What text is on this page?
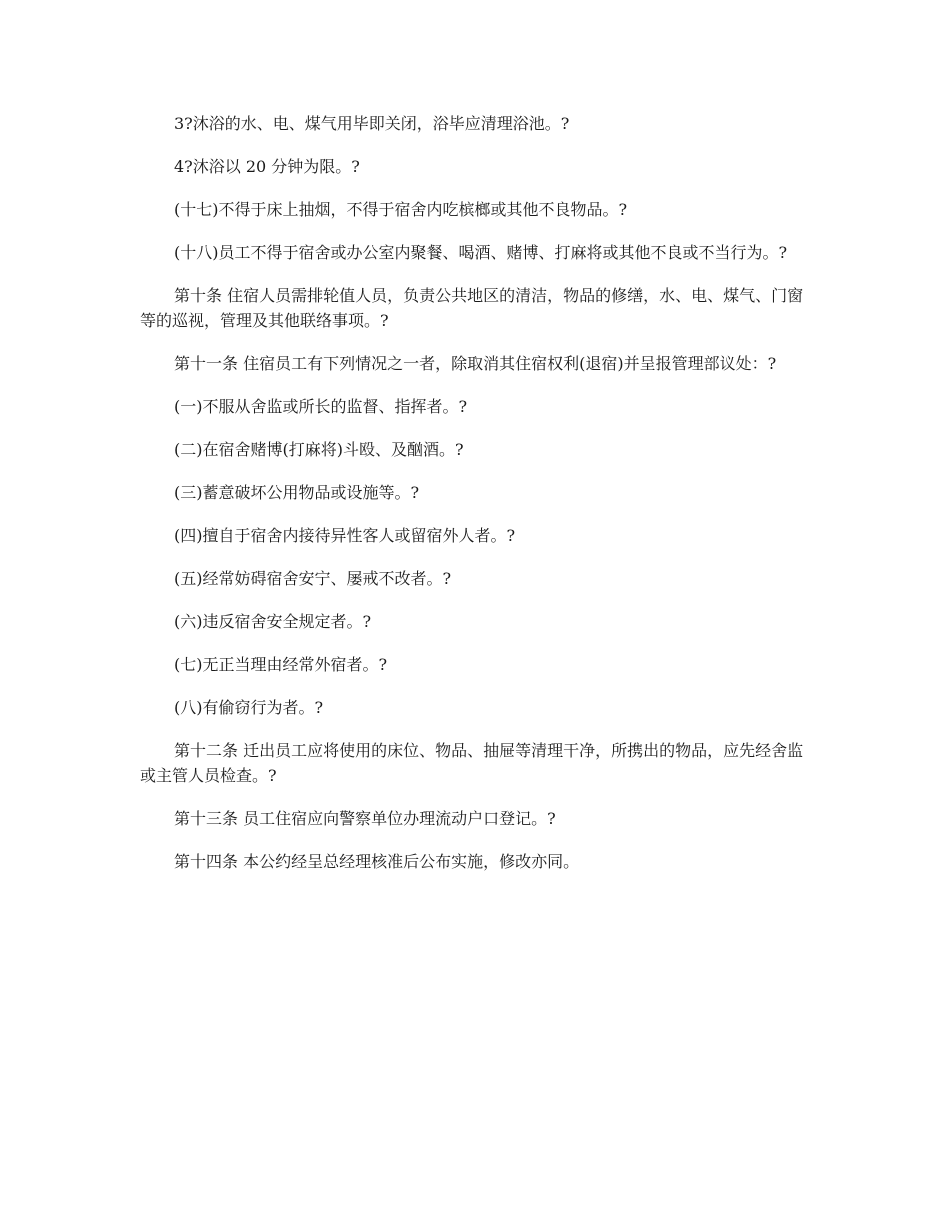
3?沐浴的水、电、煤气用毕即关闭，浴毕应清理浴池。?

4?沐浴以 20 分钟为限。?

(十七)不得于床上抽烟，不得于宿舍内吃槟榔或其他不良物品。?

(十八)员工不得于宿舍或办公室内聚餐、喝酒、赌博、打麻将或其他不良或不当行为。?

第十条 住宿人员需排轮值人员，负责公共地区的清洁，物品的修缮，水、电、煤气、门窗等的巡视，管理及其他联络事项。?

第十一条 住宿员工有下列情况之一者，除取消其住宿权利(退宿)并呈报管理部议处：?

(一)不服从舍监或所长的监督、指挥者。?

(二)在宿舍赌博(打麻将)斗殴、及酗酒。?

(三)蓄意破坏公用物品或设施等。?

(四)擅自于宿舍内接待异性客人或留宿外人者。?

(五)经常妨碍宿舍安宁、屡戒不改者。?

(六)违反宿舍安全规定者。?

(七)无正当理由经常外宿者。?

(八)有偷窃行为者。?

第十二条 迁出员工应将使用的床位、物品、抽屉等清理干净，所携出的物品，应先经舍监或主管人员检查。?

第十三条 员工住宿应向警察单位办理流动户口登记。?

第十四条 本公约经呈总经理核准后公布实施，修改亦同。
